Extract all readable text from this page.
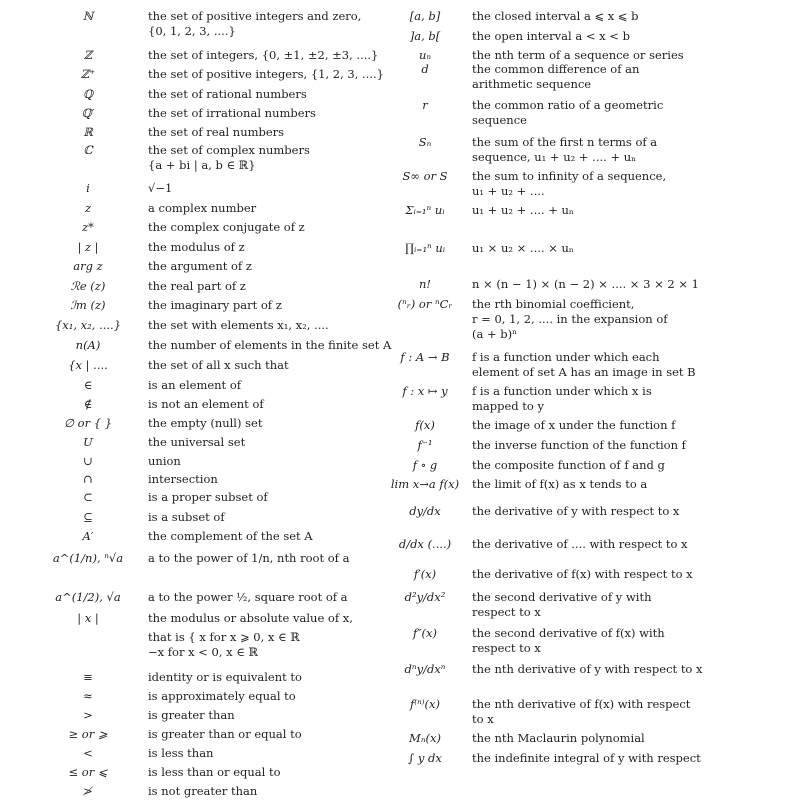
ℕ	the set of positive integers and zero,
{0, 1, 2, 3, ....}
ℤ	the set of integers, {0, ±1, ±2, ±3, ....}
ℤ⁺	the set of positive integers, {1, 2, 3, ....}
ℚ	the set of rational numbers
ℚ′	the set of irrational numbers
ℝ	the set of real numbers
ℂ	the set of complex numbers
{a + bi | a, b ∈ ℝ}
i	√−1
z	a complex number
z*	the complex conjugate of z
| z |	the modulus of z
arg z	the argument of z
ℛe (z)	the real part of z
ℐm (z)	the imaginary part of z
{x₁, x₂, ....}	the set with elements x₁, x₂, ....
n(A)	the number of elements in the finite set A
{x | ....	the set of all x such that
∈	is an element of
∉	is not an element of
∅ or { }	the empty (null) set
U	the universal set
∪	union
∩	intersection
⊂	is a proper subset of
⊆	is a subset of
A′	the complement of the set A
a^(1/n), ⁿ√a	a to the power of 1/n, nth root of a
a^(1/2), √a	a to the power ½, square root of a
| x |	the modulus or absolute value of x,
that is { x for x ⩾ 0, x ∈ ℝ
−x for x < 0, x ∈ ℝ
≡	identity or is equivalent to
≈	is approximately equal to
>	is greater than
≥ or ⩾	is greater than or equal to
<	is less than
≤ or ⩽	is less than or equal to
≯	is not greater than
[a, b]	the closed interval a ⩽ x ⩽ b
]a, b[	the open interval a < x < b
uₙ	the nth term of a sequence or series
d	the common difference of an
arithmetic sequence
r	the common ratio of a geometric
sequence
Sₙ	the sum of the first n terms of a
sequence, u₁ + u₂ + .... + uₙ
S∞ or S	the sum to infinity of a sequence,
u₁ + u₂ + ....
Σᵢ₌₁ⁿ uᵢ	u₁ + u₂ + .... + uₙ
∏ᵢ₌₁ⁿ uᵢ	u₁ × u₂ × .... × uₙ
n!	n × (n − 1) × (n − 2) × .... × 3 × 2 × 1
(ⁿᵣ) or ⁿCᵣ	the rth binomial coefficient,
r = 0, 1, 2, .... in the expansion of
(a + b)ⁿ
f : A → B	f is a function under which each
element of set A has an image in set B
f : x ↦ y	f is a function under which x is
mapped to y
f(x)	the image of x under the function f
f⁻¹	the inverse function of the function f
f ∘ g	the composite function of f and g
lim x→a f(x)	the limit of f(x) as x tends to a
dy/dx	the derivative of y with respect to x
d/dx (....)	the derivative of .... with respect to x
f′(x)	the derivative of f(x) with respect to x
d²y/dx²	the second derivative of y with
respect to x
f″(x)	the second derivative of f(x) with
respect to x
dⁿy/dxⁿ	the nth derivative of y with respect to x
f⁽ⁿ⁾(x)	the nth derivative of f(x) with respect
to x
Mₙ(x)	the nth Maclaurin polynomial
∫ y dx	the indefinite integral of y with respect
